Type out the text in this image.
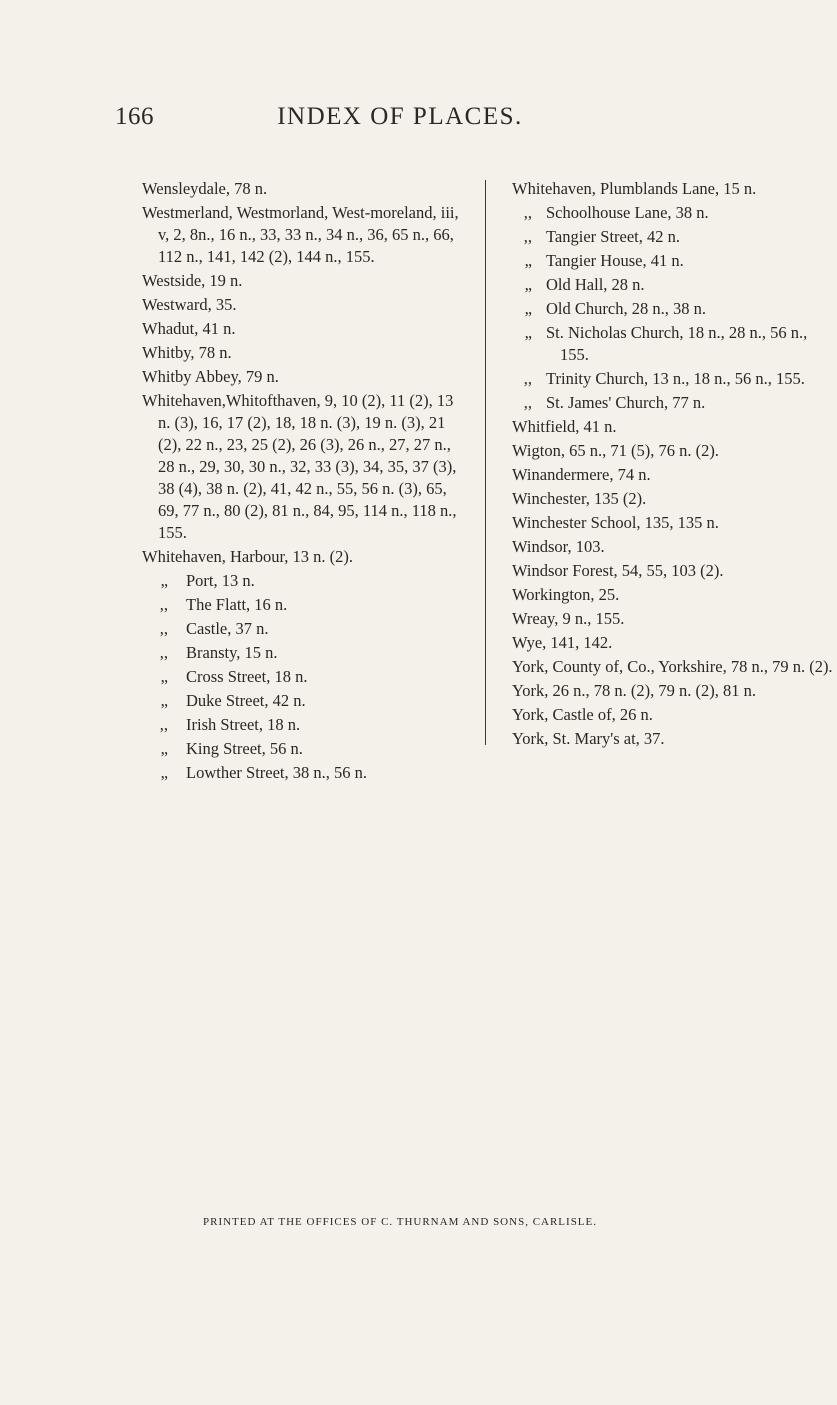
166	INDEX OF PLACES.
Wensleydale, 78 n.
Westmerland, Westmorland, West-moreland, iii, v, 2, 8n., 16 n., 33, 33 n., 34 n., 36, 65 n., 66, 112 n., 141, 142 (2), 144 n., 155.
Westside, 19 n.
Westward, 35.
Whadut, 41 n.
Whitby, 78 n.
Whitby Abbey, 79 n.
Whitehaven,Whitofthaven, 9, 10 (2), 11 (2), 13 n. (3), 16, 17 (2), 18, 18 n. (3), 19 n. (3), 21 (2), 22 n., 23, 25 (2), 26 (3), 26 n., 27, 27 n., 28 n., 29, 30, 30 n., 32, 33 (3), 34, 35, 37 (3), 38 (4), 38 n. (2), 41, 42 n., 55, 56 n. (3), 65, 69, 77 n., 80 (2), 81 n., 84, 95, 114 n., 118 n., 155.
Whitehaven, Harbour, 13 n. (2).
„	Port, 13 n.
,,	The Flatt, 16 n.
,,	Castle, 37 n.
,,	Bransty, 15 n.
„	Cross Street, 18 n.
„	Duke Street, 42 n.
,,	Irish Street, 18 n.
„	King Street, 56 n.
„	Lowther Street, 38 n., 56 n.
Whitehaven, Plumblands Lane, 15 n.
,, Schoolhouse Lane, 38 n.
,, Tangier Street, 42 n.
„ Tangier House, 41 n.
„ Old Hall, 28 n.
„ Old Church, 28 n., 38 n.
„ St. Nicholas Church, 18 n., 28 n., 56 n., 155.
,, Trinity Church, 13 n., 18 n., 56 n., 155.
,, St. James' Church, 77 n.
Whitfield, 41 n.
Wigton, 65 n., 71 (5), 76 n. (2).
Winandermere, 74 n.
Winchester, 135 (2).
Winchester School, 135, 135 n.
Windsor, 103.
Windsor Forest, 54, 55, 103 (2).
Workington, 25.
Wreay, 9 n., 155.
Wye, 141, 142.
York, County of, Co., Yorkshire, 78 n., 79 n. (2).
York, 26 n., 78 n. (2), 79 n. (2), 81 n.
York, Castle of, 26 n.
York, St. Mary's at, 37.
PRINTED AT THE OFFICES OF C. THURNAM AND SONS, CARLISLE.
